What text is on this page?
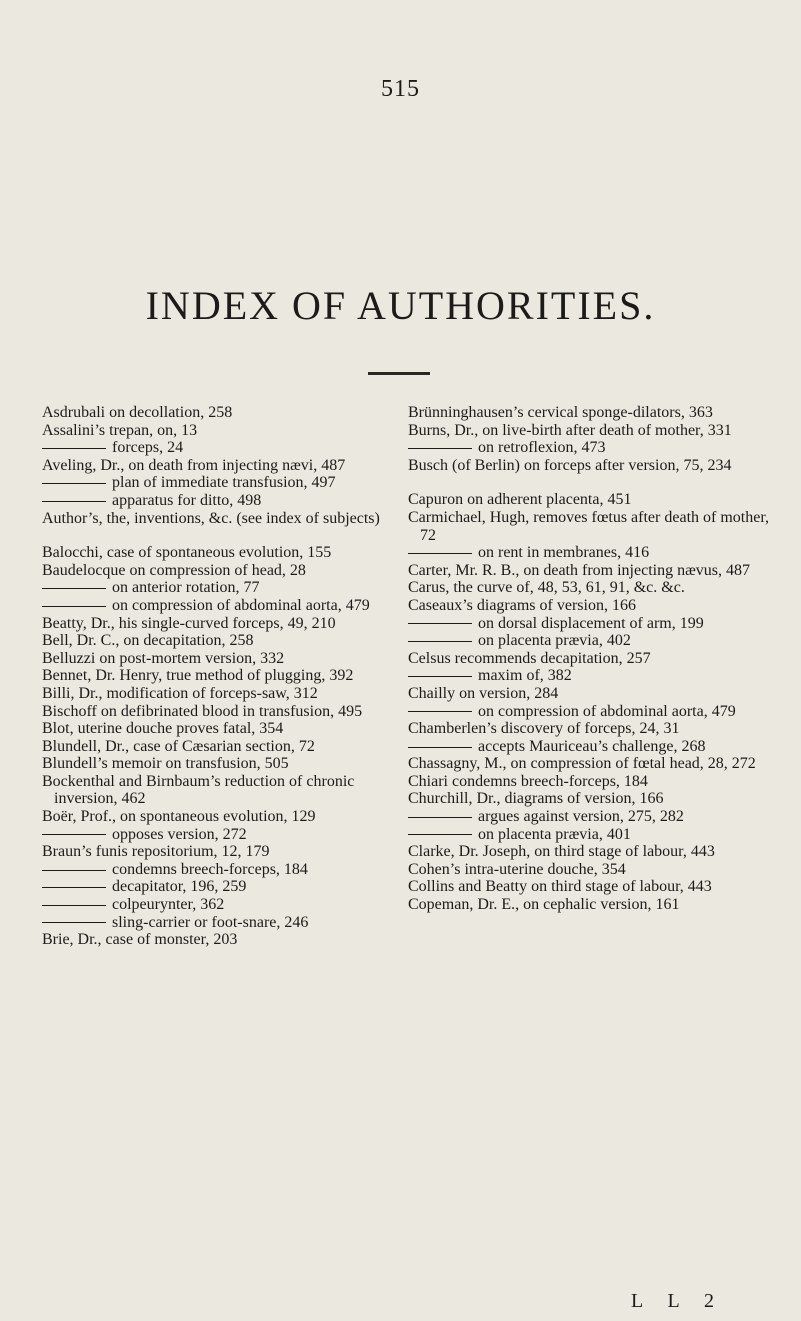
515
INDEX OF AUTHORITIES.
Asdrubali on decollation, 258
Assalini’s trepan, on, 13
forceps, 24
Aveling, Dr., on death from injecting nævi, 487
plan of immediate transfusion, 497
apparatus for ditto, 498
Author’s, the, inventions, &c. (see index of subjects)
Balocchi, case of spontaneous evolution, 155
Baudelocque on compression of head, 28
on anterior rotation, 77
on compression of abdominal aorta, 479
Beatty, Dr., his single-curved forceps, 49, 210
Bell, Dr. C., on decapitation, 258
Belluzzi on post-mortem version, 332
Bennet, Dr. Henry, true method of plugging, 392
Billi, Dr., modification of forceps-saw, 312
Bischoff on defibrinated blood in transfusion, 495
Blot, uterine douche proves fatal, 354
Blundell, Dr., case of Cæsarian section, 72
Blundell’s memoir on transfusion, 505
Bockenthal and Birnbaum’s reduction of chronic inversion, 462
Boër, Prof., on spontaneous evolution, 129
opposes version, 272
Braun’s funis repositorium, 12, 179
condemns breech-forceps, 184
decapitator, 196, 259
colpeurynter, 362
sling-carrier or foot-snare, 246
Brie, Dr., case of monster, 203
Brünninghausen’s cervical sponge-dilators, 363
Burns, Dr., on live-birth after death of mother, 331
on retroflexion, 473
Busch (of Berlin) on forceps after version, 75, 234
Capuron on adherent placenta, 451
Carmichael, Hugh, removes fœtus after death of mother, 72
on rent in membranes, 416
Carter, Mr. R. B., on death from injecting nævus, 487
Carus, the curve of, 48, 53, 61, 91, &c. &c.
Caseaux’s diagrams of version, 166
on dorsal displacement of arm, 199
on placenta prævia, 402
Celsus recommends decapitation, 257
maxim of, 382
Chailly on version, 284
on compression of abdominal aorta, 479
Chamberlen’s discovery of forceps, 24, 31
accepts Mauriceau’s challenge, 268
Chassagny, M., on compression of fœtal head, 28, 272
Chiari condemns breech-forceps, 184
Churchill, Dr., diagrams of version, 166
argues against version, 275, 282
on placenta prævia, 401
Clarke, Dr. Joseph, on third stage of labour, 443
Cohen’s intra-uterine douche, 354
Collins and Beatty on third stage of labour, 443
Copeman, Dr. E., on cephalic version, 161
L L 2
